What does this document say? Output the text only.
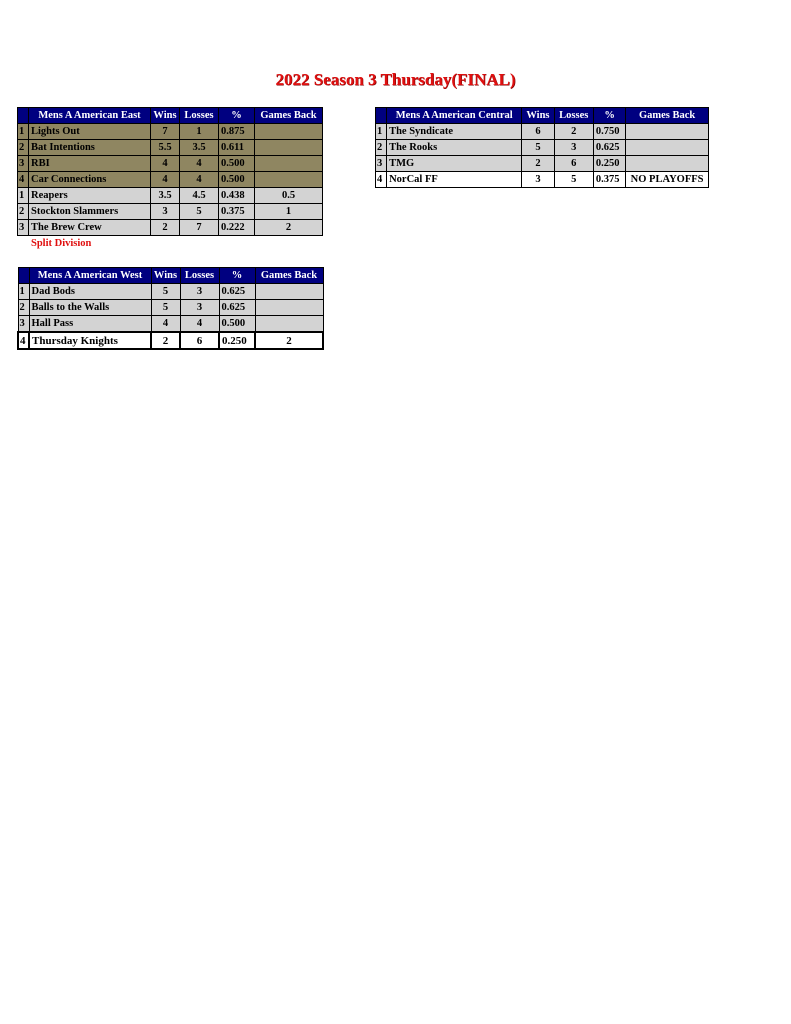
2022 Season 3 Thursday(FINAL)
	Mens A American East	Wins	Losses	%	Games Back
1	Lights Out	7	1	0.875	
2	Bat Intentions	5.5	3.5	0.611	
3	RBI	4	4	0.500	
4	Car Connections	4	4	0.500	
1	Reapers	3.5	4.5	0.438	0.5
2	Stockton Slammers	3	5	0.375	1
3	The Brew Crew	2	7	0.222	2
Split Division
	Mens A American Central	Wins	Losses	%	Games Back
1	The Syndicate	6	2	0.750	
2	The Rooks	5	3	0.625	
3	TMG	2	6	0.250	
4	NorCal FF	3	5	0.375	NO PLAYOFFS
	Mens A American West	Wins	Losses	%	Games Back
1	Dad Bods	5	3	0.625	
2	Balls to the Walls	5	3	0.625	
3	Hall Pass	4	4	0.500	
4	Thursday Knights	2	6	0.250	2
